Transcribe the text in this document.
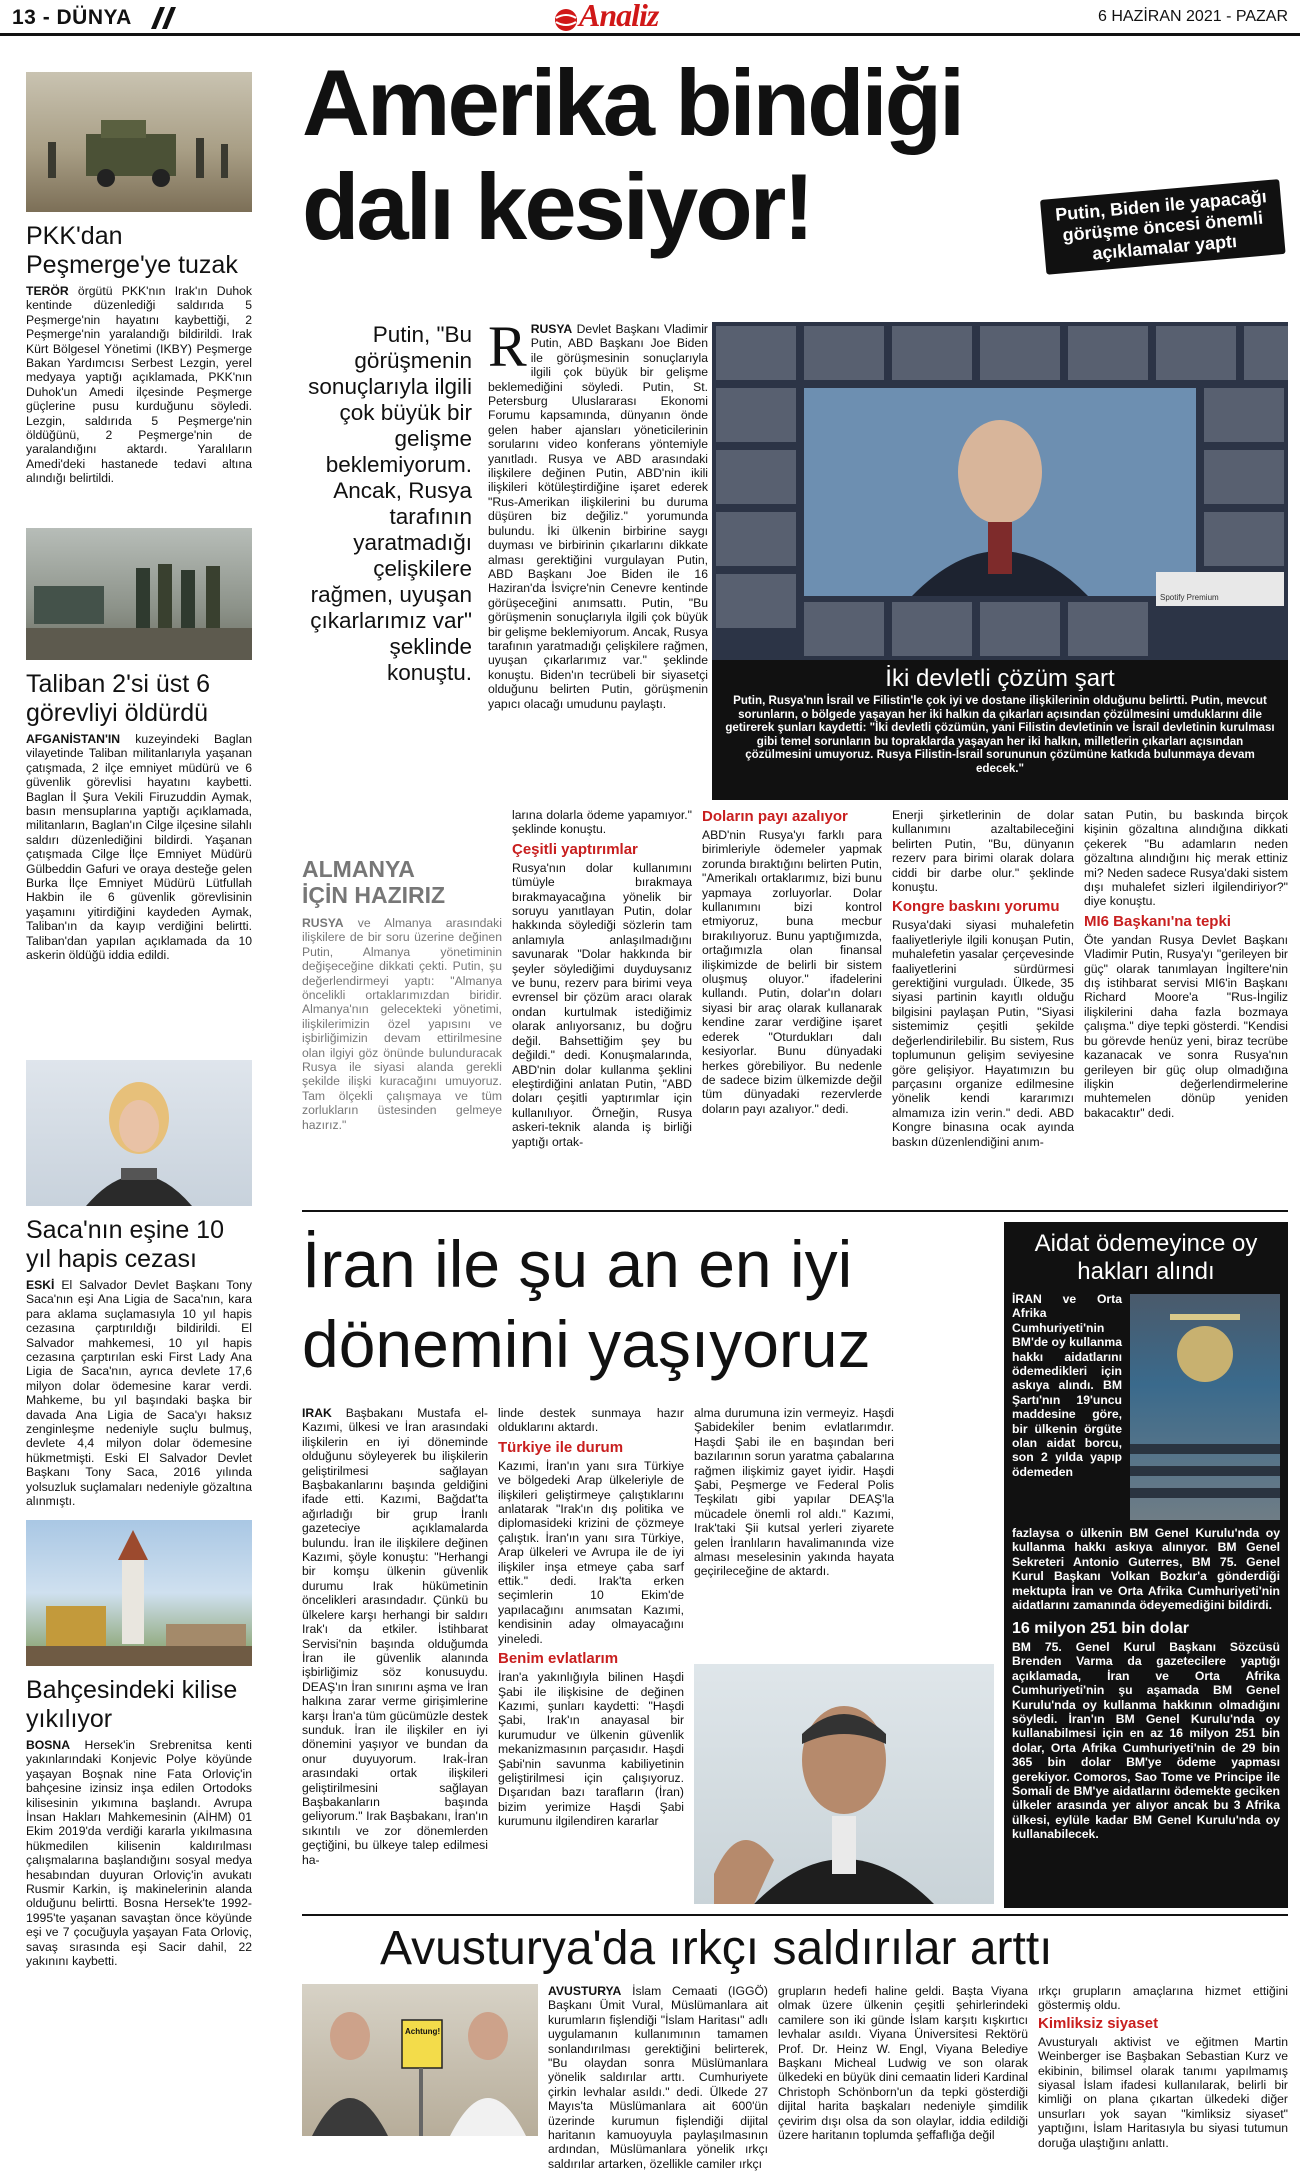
13 - DÜNYA	Analiz	6 HAZİRAN 2021 - PAZAR
PKK'dan Peşmerge'ye tuzak
TERÖR örgütü PKK'nın Irak'ın Duhok kentinde düzenlediği saldırıda 5 Peşmerge'nin hayatını kaybettiği, 2 Peşmerge'nin yaralandığı bildirildi. Irak Kürt Bölgesel Yönetimi (IKBY) Peşmerge Bakan Yardımcısı Serbest Lezgin, yerel medyaya yaptığı açıklamada, PKK'nın Duhok'un Amedi ilçesinde Peşmerge güçlerine pusu kurduğunu söyledi. Lezgin, saldırıda 5 Peşmerge'nin öldüğünü, 2 Peşmerge'nin de yaralandığını aktardı. Yaralıların Amedi'deki hastanede tedavi altına alındığı belirtildi.
Taliban 2'si üst 6 görevliyi öldürdü
AFGANİSTAN'IN kuzeyindeki Baglan vilayetinde Taliban militanlarıyla yaşanan çatışmada, 2 ilçe emniyet müdürü ve 6 güvenlik görevlisi hayatını kaybetti. Baglan İl Şura Vekili Firuzuddin Aymak, basın mensuplarına yaptığı açıklamada, militanların, Baglan'ın Cilge ilçesine silahlı saldırı düzenlediğini bildirdi. Yaşanan çatışmada Cilge İlçe Emniyet Müdürü Gülbeddin Gafuri ve oraya desteğe gelen Burka İlçe Emniyet Müdürü Lütfullah Hakbin ile 6 güvenlik görevlisinin yaşamını yitirdiğini kaydeden Aymak, Taliban'ın da kayıp verdiğini belirtti. Taliban'dan yapılan açıklamada da 10 askerin öldüğü iddia edildi.
Saca'nın eşine 10 yıl hapis cezası
ESKİ El Salvador Devlet Başkanı Tony Saca'nın eşi Ana Ligia de Saca'nın, kara para aklama suçlamasıyla 10 yıl hapis cezasına çarptırıldığı bildirildi. El Salvador mahkemesi, 10 yıl hapis cezasına çarptırılan eski First Lady Ana Ligia de Saca'nın, ayrıca devlete 17,6 milyon dolar ödemesine karar verdi. Mahkeme, bu yıl başındaki başka bir davada Ana Ligia de Saca'yı haksız zenginleşme nedeniyle suçlu bulmuş, devlete 4,4 milyon dolar ödemesine hükmetmişti. Eski El Salvador Devlet Başkanı Tony Saca, 2016 yılında yolsuzluk suçlamaları nedeniyle gözaltına alınmıştı.
Bahçesindeki kilise yıkılıyor
BOSNA Hersek'in Srebrenitsa kenti yakınlarındaki Konjevic Polye köyünde yaşayan Boşnak nine Fata Orloviç'in bahçesine izinsiz inşa edilen Ortodoks kilisesinin yıkımına başlandı. Avrupa İnsan Hakları Mahkemesinin (AİHM) 01 Ekim 2019'da verdiği kararla yıkılmasına hükmedilen kilisenin kaldırılması çalışmalarına başlandığını sosyal medya hesabından duyuran Orloviç'in avukatı Rusmir Karkin, iş makinelerinin alanda olduğunu belirtti. Bosna Hersek'te 1992-1995'te yaşanan savaştan önce köyünde eşi ve 7 çocuğuyla yaşayan Fata Orloviç, savaş sırasında eşi Sacir dahil, 22 yakınını kaybetti.
Amerika bindiği
dalı kesiyor!	Putin, Biden ile yapacağı görüşme öncesi önemli açıklamalar yaptı
Putin, "Bu görüşmenin sonuçlarıyla ilgili çok büyük bir gelişme beklemiyorum. Ancak, Rusya tarafının yaratmadığı çelişkilere rağmen, uyuşan çıkarlarımız var" şeklinde konuştu.
RRUSYA Devlet Başkanı Vladimir Putin, ABD Başkanı Joe Biden ile görüşmesinin sonuçlarıyla ilgili çok büyük bir gelişme beklemediğini söyledi. Putin, St. Petersburg Uluslararası Ekonomi Forumu kapsamında, dünyanın önde gelen haber ajansları yöneticilerinin sorularını video konferans yöntemiyle yanıtladı. Rusya ve ABD arasındaki ilişkilere değinen Putin, ABD'nin ikili ilişkileri kötüleştirdiğine işaret ederek "Rus-Amerikan ilişkilerini bu duruma düşüren biz değiliz." yorumunda bulundu. İki ülkenin birbirine saygı duyması ve birbirinin çıkarlarını dikkate alması gerektiğini vurgulayan Putin, ABD Başkanı Joe Biden ile 16 Haziran'da İsviçre'nin Cenevre kentinde görüşeceğini anımsattı. Putin, "Bu görüşmenin sonuçlarıyla ilgili çok büyük bir gelişme beklemiyorum. Ancak, Rusya tarafının yaratmadığı çelişkilere rağmen, uyuşan çıkarlarımız var." şeklinde konuştu. Biden'ın tecrübeli bir siyasetçi olduğunu belirten Putin, görüşmenin yapıcı olacağı umudunu paylaştı.
Spotify Premium
İki devletli çözüm şart
Putin, Rusya'nın İsrail ve Filistin'le çok iyi ve dostane ilişkilerinin olduğunu belirtti. Putin, mevcut sorunların, o bölgede yaşayan her iki halkın da çıkarları açısından çözülmesini umduklarını dile getirerek şunları kaydetti: "İki devletli çözümün, yani Filistin devletinin ve İsrail devletinin kurulması gibi temel sorunların bu topraklarda yaşayan her iki halkın, milletlerin çıkarları açısından çözülmesini umuyoruz. Rusya Filistin-İsrail sorununun çözümüne katkıda bulunmaya devam edecek."
ALMANYA İÇİN HAZIRIZ
RUSYA ve Almanya arasındaki ilişkilere de bir soru üzerine değinen Putin, Almanya yönetiminin değişeceğine dikkati çekti. Putin, şu değerlendirmeyi yaptı: "Almanya öncelikli ortaklarımızdan biridir. Almanya'nın gelecekteki yönetimi, ilişkilerimizin özel yapısını ve işbirliğimizin devam ettirilmesine olan ilgiyi göz önünde bulunduracak Rusya ile siyasi alanda gerekli şekilde ilişki kuracağını umuyoruz. Tam ölçekli çalışmaya ve tüm zorlukların üstesinden gelmeye hazırız."

larına dolarla ödeme yapamıyor." şeklinde konuştu.

Çeşitli yaptırımlar

Rusya'nın dolar kullanımını tümüyle bırakmaya bırakmayacağına yönelik bir soruyu yanıtlayan Putin, dolar hakkında söylediği sözlerin tam anlamıyla anlaşılmadığını savunarak "Dolar hakkında bir şeyler söylediğimi duyduysanız ve bunu, rezerv para birimi veya evrensel bir çözüm aracı olarak ondan kurtulmak istediğimiz olarak anlıyorsanız, bu doğru değil. Bahsettiğim şey bu değildi." dedi. Konuşmalarında, ABD'nin dolar kullanma şeklini eleştirdiğini anlatan Putin, "ABD doları çeşitli yaptırımlar için kullanılıyor. Örneğin, Rusya askeri-teknik alanda iş birliği yaptığı ortak-

Doların payı azalıyor

ABD'nin Rusya'yı farklı para birimleriyle ödemeler yapmak zorunda bıraktığını belirten Putin, "Amerikalı ortaklarımız, bizi bunu yapmaya zorluyorlar. Dolar kullanımını bizi kontrol etmiyoruz, buna mecbur bırakılıyoruz. Bunu yaptığımızda, ortağımızla olan finansal ilişkimizde de belirli bir sistem oluşmuş oluyor." ifadelerini kullandı. Putin, dolar'ın doları siyasi bir araç olarak kullanarak kendine zarar verdiğine işaret ederek "Oturdukları dalı kesiyorlar. Bunu dünyadaki herkes görebiliyor. Bu nedenle de sadece bizim ülkemizde değil tüm dünyadaki rezervlerde doların payı azalıyor." dedi.

Enerji şirketlerinin de dolar kullanımını azaltabileceğini belirten Putin, "Bu, dünyanın rezerv para birimi olarak dolara ciddi bir darbe olur." şeklinde konuştu.

Kongre baskını yorumu

Rusya'daki siyasi muhalefetin faaliyetleriyle ilgili konuşan Putin, muhalefetin yasalar çerçevesinde faaliyetlerini sürdürmesi gerektiğini vurguladı. Ülkede, 35 siyasi partinin kayıtlı olduğu bilgisini paylaşan Putin, "Siyasi sistemimiz çeşitli şekilde değerlendirilebilir. Bu sistem, Rus toplumunun gelişim seviyesine göre gelişiyor. Hayatımızın bu parçasını organize edilmesine yönelik kendi kararımızı almamıza izin verin." dedi. ABD Kongre binasına ocak ayında baskın düzenlendiğini anım-

satan Putin, bu baskında birçok kişinin gözaltına alındığına dikkati çekerek "Bu adamların neden gözaltına alındığını hiç merak ettiniz mi? Neden sadece Rusya'daki sistem dışı muhalefet sizleri ilgilendiriyor?" diye konuştu.

MI6 Başkanı'na tepki

Öte yandan Rusya Devlet Başkanı Vladimir Putin, Rusya'yı "gerileyen bir güç" olarak tanımlayan İngiltere'nin dış istihbarat servisi MI6'in Başkanı Richard Moore'a "Rus-İngiliz ilişkilerini daha fazla bozmaya çalışma." diye tepki gösterdi. "Kendisi bu görevde henüz yeni, biraz tecrübe kazanacak ve sonra Rusya'nın gerileyen bir güç olup olmadığına ilişkin değerlendirmelerine muhtemelen dönüp yeniden bakacaktır" dedi.

İran ile şu an en iyi
dönemini yaşıyoruz
IRAK Başbakanı Mustafa el-Kazımi, ülkesi ve İran arasındaki ilişkilerin en iyi döneminde olduğunu söyleyerek bu ilişkilerin geliştirilmesi sağlayan Başbakanlarını başında geldiğini ifade etti. Kazımi, Bağdat'ta ağırladığı bir grup İranlı gazeteciye açıklamalarda bulundu. İran ile ilişkilere değinen Kazımi, şöyle konuştu: "Herhangi bir komşu ülkenin güvenlik durumu Irak hükümetinin öncelikleri arasındadır. Çünkü bu ülkelere karşı herhangi bir saldırı Irak'ı da etkiler. İstihbarat Servisi'nin başında olduğumda İran ile güvenlik alanında işbirliğimiz söz konusuydu. DEAŞ'ın İran sınırını aşma ve İran halkına zarar verme girişimlerine karşı İran'a tüm gücümüzle destek sunduk. İran ile ilişkiler en iyi dönemini yaşıyor ve bundan da onur duyuyorum. Irak-İran arasındaki ortak ilişkileri geliştirilmesini sağlayan Başbakanların başında geliyorum." Irak Başbakanı, İran'ın sıkıntılı ve zor dönemlerden geçtiğini, bu ülkeye talep edilmesi ha-

linde destek sunmaya hazır olduklarını aktardı.

Türkiye ile durum

Kazımi, İran'ın yanı sıra Türkiye ve bölgedeki Arap ülkeleriyle de ilişkileri geliştirmeye çalıştıklarını anlatarak "Irak'ın dış politika ve diplomasideki krizini de çözmeye çalıştık. İran'ın yanı sıra Türkiye, Arap ülkeleri ve Avrupa ile de iyi ilişkiler inşa etmeye çaba sarf ettik." dedi. Irak'ta erken seçimlerin 10 Ekim'de yapılacağını anımsatan Kazımi, kendisinin aday olmayacağını yineledi.

Benim evlatlarım

İran'a yakınlığıyla bilinen Haşdi Şabi ile ilişkisine de değinen Kazımi, şunları kaydetti: "Haşdi Şabi, Irak'ın anayasal bir kurumudur ve ülkenin güvenlik mekanizmasının parçasıdır. Haşdi Şabi'nin savunma kabiliyetinin geliştirilmesi için çalışıyoruz. Dışarıdan bazı tarafların (İran) bizim yerimize Haşdi Şabi kurumunu ilgilendiren kararlar

alma durumuna izin vermeyiz. Haşdi Şabideki̇ler benim evlatlarımdır. Haşdi Şabi ile en başından beri bazılarının sorun yaratma çabalarına rağmen ilişkimiz gayet iyidir. Haşdi Şabi, Peşmerge ve Federal Polis Teşkilatı gibi yapılar DEAŞ'la mücadele önemli rol aldı." Kazımi, Irak'taki Şii kutsal yerleri ziyarete gelen İranlıların havalimanında vize alması meselesinin yakında hayata geçirileceğine de aktardı.

Aidat ödemeyince oy hakları alındı
İRAN ve Orta Afrika Cumhuriyeti'nin BM'de oy kullanma hakkı aidatlarını ödemedikleri için askıya alındı. BM Şartı'nın 19'uncu maddesine göre, bir ülkenin örgüte olan aidat borcu, son 2 yılda yapıp ödemeden
fazlaysa o ülkenin BM Genel Kurulu'nda oy kullanma hakkı askıya alınıyor. BM Genel Sekreteri Antonio Guterres, BM 75. Genel Kurul Başkanı Volkan Bozkır'a gönderdiği mektupta İran ve Orta Afrika Cumhuriyeti'nin aidatlarını zamanında ödeyemediğini bildirdi.
16 milyon 251 bin dolar
BM 75. Genel Kurul Başkanı Sözcüsü Brenden Varma da gazetecilere yaptığı açıklamada, İran ve Orta Afrika Cumhuriyeti'nin şu aşamada BM Genel Kurulu'nda oy kullanma hakkının olmadığını söyledi. İran'ın BM Genel Kurulu'nda oy kullanabilmesi için en az 16 milyon 251 bin dolar, Orta Afrika Cumhuriyeti'nin de 29 bin 365 bin dolar BM'ye ödeme yapması gerekiyor. Comoros, Sao Tome ve Principe ile Somali de BM'ye aidatlarını ödemekte geciken ülkeler arasında yer alıyor ancak bu 3 Afrika ülkesi, eylüle kadar BM Genel Kurulu'nda oy kullanabilecek.
Avusturya'da ırkçı saldırılar arttı
Achtung!
AVUSTURYA İslam Cemaati (IGGÖ) Başkanı Ümit Vural, Müslümanlara ait kurumların fişlendiği "İslam Haritası" adlı uygulamanın kullanımının tamamen sonlandırılması gerektiğini belirterek, "Bu olaydan sonra Müslümanlara yönelik saldırılar arttı. Cumhuriyete çirkin levhalar asıldı." dedi. Ülkede 27 Mayıs'ta Müslümanlara ait 600'ün üzerinde kurumun fişlendiği dijital haritanın kamuoyuyla paylaşılmasının ardından, Müslümanlara yönelik ırkçı saldırılar artarken, özellikle camiler ırkçı

grupların hedefi haline geldi. Başta Viyana olmak üzere ülkenin çeşitli şehirlerindeki camilere son iki günde İslam karşıtı kışkırtıcı levhalar asıldı. Viyana Üniversitesi Rektörü Prof. Dr. Heinz W. Engl, Viyana Belediye Başkanı Micheal Ludwig ve son olarak ülkedeki en büyük dini cemaatin lideri Kardinal Christoph Schönborn'un da tepki gösterdiği dijital harita başkaları nedeniyle şimdilik çevirim dışı olsa da son olaylar, iddia edildiği üzere haritanın toplumda şeffaflığa değil

ırkçı grupların amaçlarına hizmet ettiğini göstermiş oldu.

Kimliksiz siyaset

Avusturyalı aktivist ve eğitmen Martin Weinberger ise Başbakan Sebastian Kurz ve ekibinin, bilimsel olarak tanımı yapılmamış siyasal İslam ifadesi kullanılarak, belirli bir kimliği on plana çıkartan ülkedeki diğer unsurları yok sayan "kimliksiz siyaset" yaptığını, İslam Haritasıyla bu siyasi tutumun doruğa ulaştığını anlattı.
